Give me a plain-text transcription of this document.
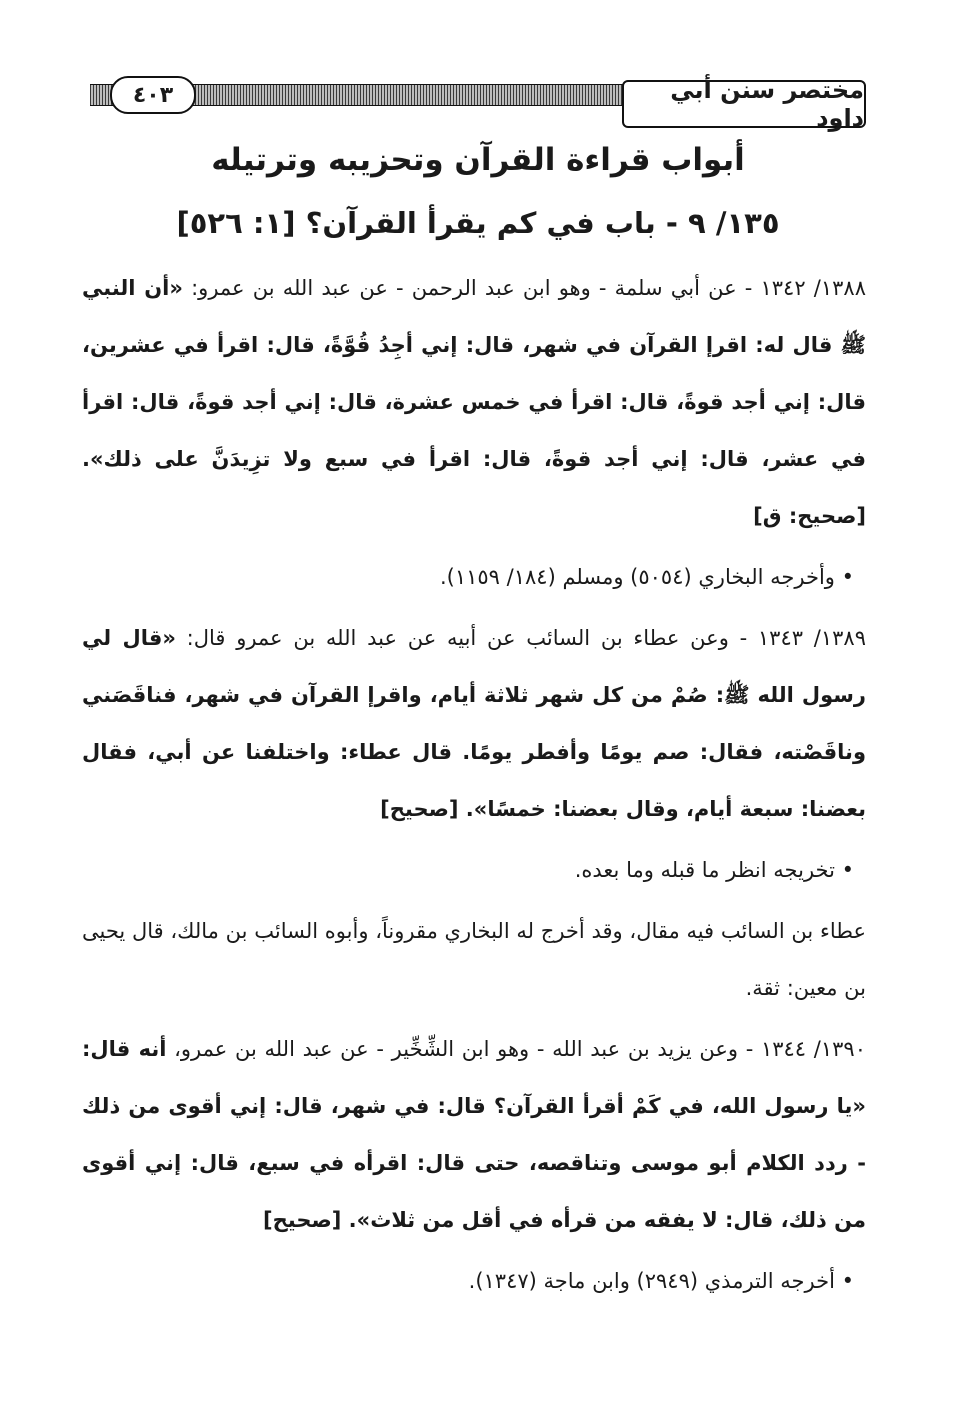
٤٠٣	مختصر سنن أبي داود
أبواب قراءة القرآن وتحزيبه وترتيله
١٣٥/ ٩ - باب في كم يقرأ القرآن؟ [١: ٥٢٦]

١٣٨٨/ ١٣٤٢ - عن أبي سلمة - وهو ابن عبد الرحمن - عن عبد الله بن عمرو: «أن النبي ﷺ قال له: اقرإ القرآن في شهر، قال: إني أجِدُ قُوَّةً، قال: اقرأ في عشرين، قال: إني أجد قوةً، قال: اقرأ في خمس عشرة، قال: إني أجد قوةً، قال: اقرأ في عشر، قال: إني أجد قوةً، قال: اقرأ في سبع ولا تزِيدَنَّ على ذلك». [صحيح: ق]

• وأخرجه البخاري (٥٠٥٤) ومسلم (١٨٤/ ١١٥٩).

١٣٨٩/ ١٣٤٣ - وعن عطاء بن السائب عن أبيه عن عبد الله بن عمرو قال: «قال لي رسول الله ﷺ: صُمْ من كل شهر ثلاثة أيام، واقرإ القرآن في شهر، فناقَصَني وناقَصْته، فقال: صم يومًا وأفطر يومًا. قال عطاء: واختلفنا عن أبي، فقال بعضنا: سبعة أيام، وقال بعضنا: خمسًا». [صحيح]

• تخريجه انظر ما قبله وما بعده.

عطاء بن السائب فيه مقال، وقد أخرج له البخاري مقروناً، وأبوه السائب بن مالك، قال يحيى بن معين: ثقة.

١٣٩٠/ ١٣٤٤ - وعن يزيد بن عبد الله - وهو ابن الشِّخِّير - عن عبد الله بن عمرو، أنه قال: «يا رسول الله، في كَمْ أقرأ القرآن؟ قال: في شهر، قال: إني أقوى من ذلك - ردد الكلام أبو موسى وتناقصه، حتى قال: اقرأه في سبع، قال: إني أقوى من ذلك، قال: لا يفقه من قرأه في أقل من ثلاث». [صحيح]

• أخرجه الترمذي (٢٩٤٩) وابن ماجة (١٣٤٧).
